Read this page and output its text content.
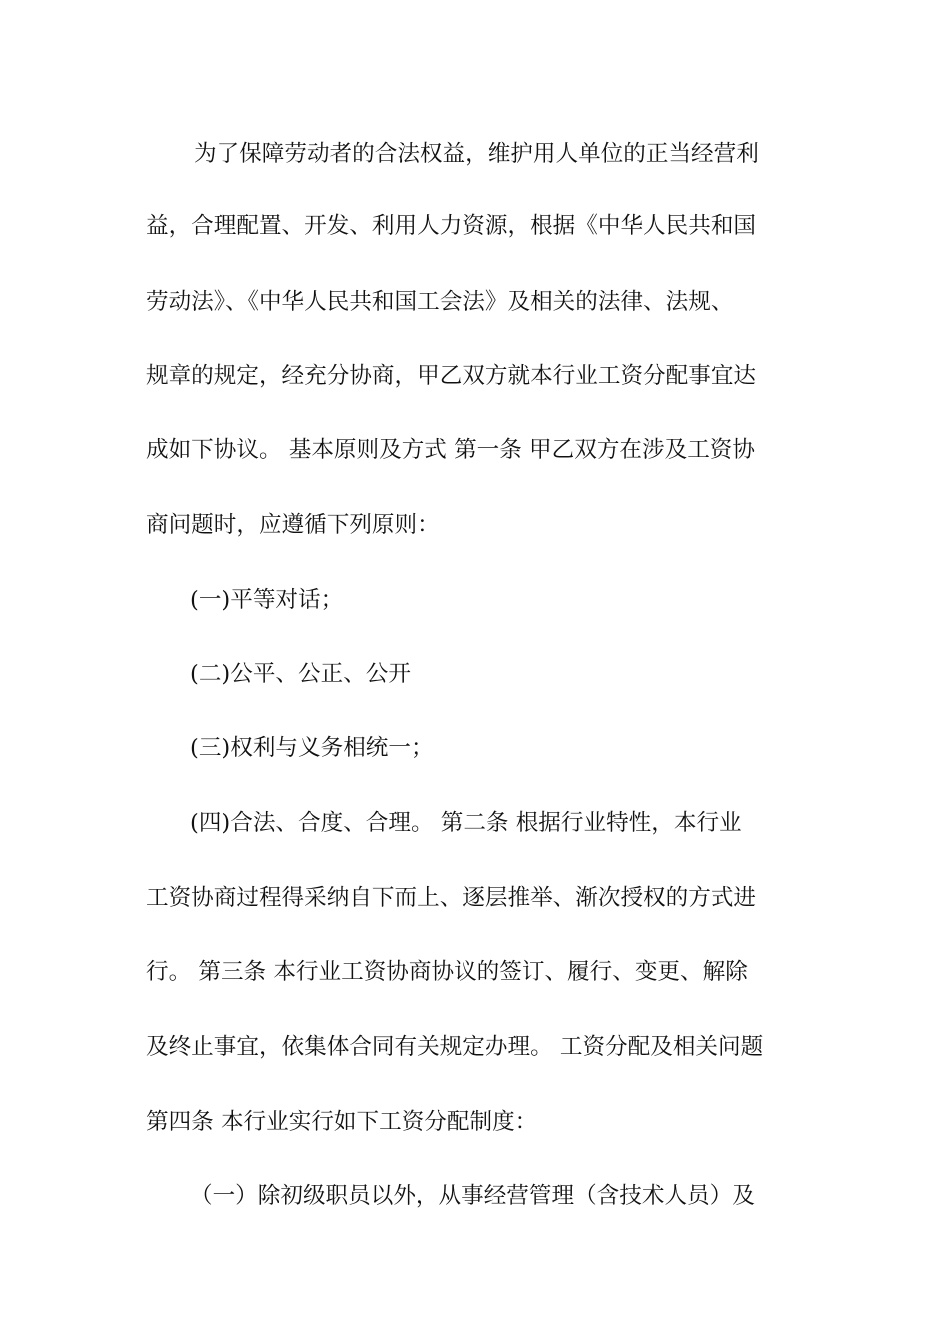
为了保障劳动者的合法权益，维护用人单位的正当经营利
益，合理配置、开发、利用人力资源，根据《中华人民共和国
劳动法》、《中华人民共和国工会法》及相关的法律、法规、
规章的规定，经充分协商，甲乙双方就本行业工资分配事宜达
成如下协议。 基本原则及方式 第一条 甲乙双方在涉及工资协
商问题时，应遵循下列原则：
(一)平等对话；
(二)公平、公正、公开
(三)权利与义务相统一；
(四)合法、合度、合理。 第二条 根据行业特性，本行业
工资协商过程得采纳自下而上、逐层推举、渐次授权的方式进
行。 第三条 本行业工资协商协议的签订、履行、变更、解除
及终止事宜，依集体合同有关规定办理。 工资分配及相关问题
第四条 本行业实行如下工资分配制度：
（一）除初级职员以外，从事经营管理（含技术人员）及
